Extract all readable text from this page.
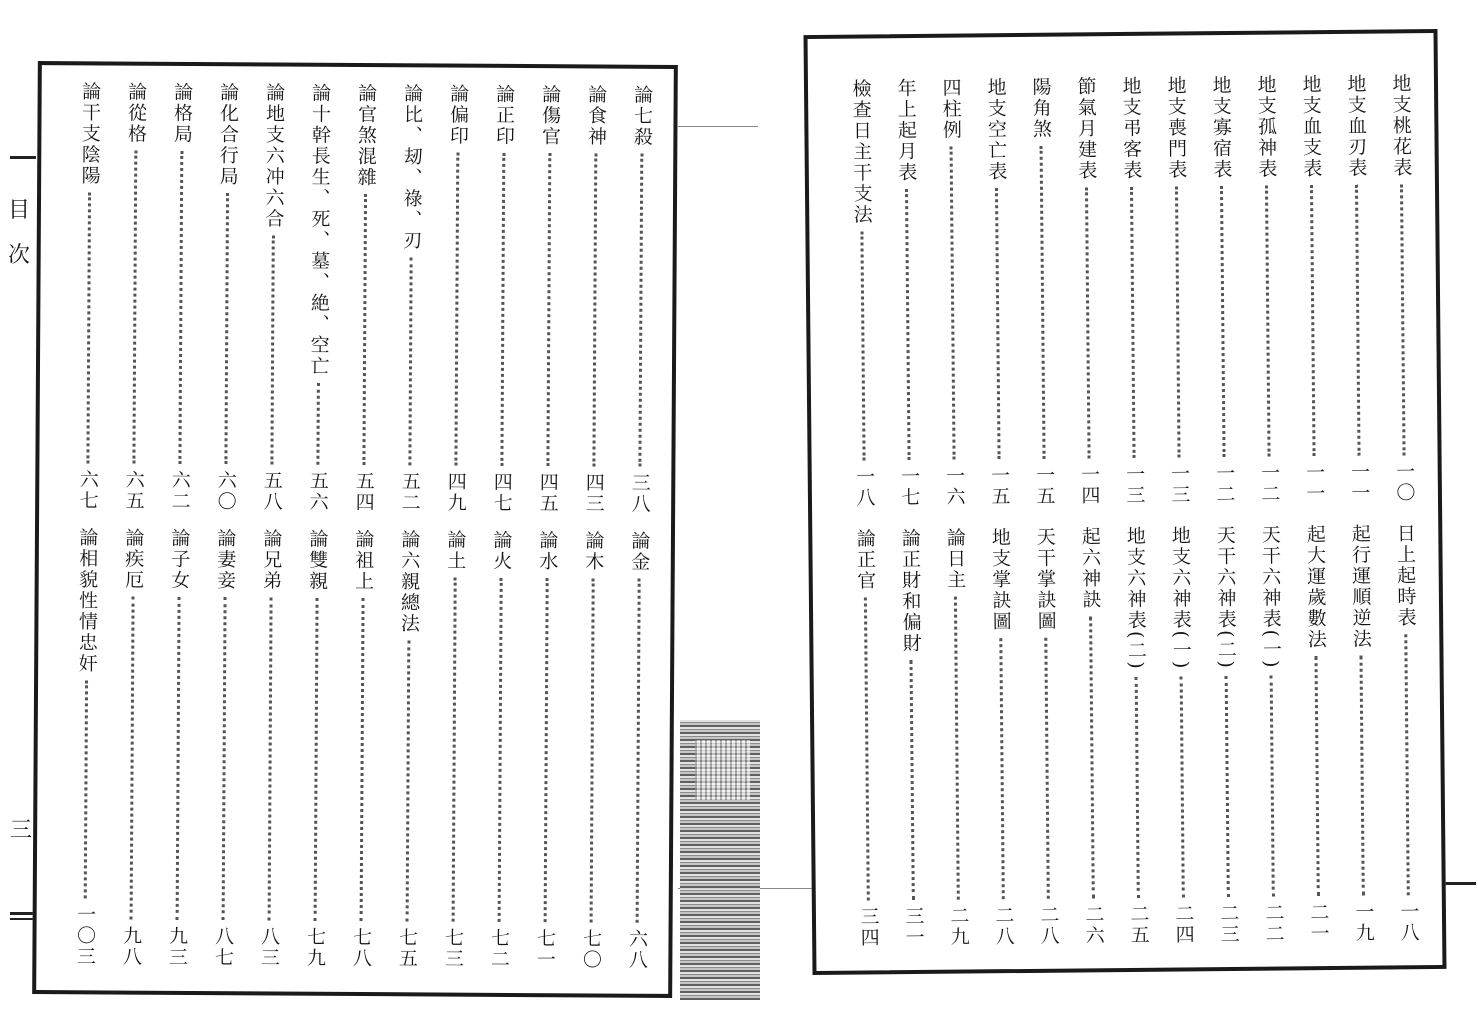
目
次
三
論七殺
三八
論食神
四三
論傷官
四五
論正印
四七
論偏印
四九
論比、刼、祿、刃
五二
論官煞混雜
五四
論十幹長生、死、墓、絶、空亡
五六
論地支六冲六合
五八
論化合行局
六〇
論格局
六二
論從格
六五
論干支陰陽
六七
論金
六八
論木
七〇
論水
七一
論火
七二
論土
七三
論六親總法
七五
論祖上
七八
論雙親
七九
論兄弟
八三
論妻妾
八七
論子女
九三
論疾厄
九八
論相貌性情忠奸
一〇三
地支桃花表
一〇
地支血刃表
一一
地支血支表
一一
地支孤神表
一二
地支寡宿表
一二
地支喪門表
一三
地支弔客表
一三
節氣月建表
一四
陽角煞
一五
地支空亡表
一五
四柱例
一六
年上起月表
一七
檢查日主干支法
一八
日上起時表
一八
起行運順逆法
一九
起大運歲數法
二一
天干六神表(一)
二二
天干六神表(二)
二三
地支六神表(一)
二四
地支六神表(二)
二五
起六神訣
二六
天干掌訣圖
二八
地支掌訣圖
二八
論日主
二九
論正財和偏財
三一
論正官
三四
